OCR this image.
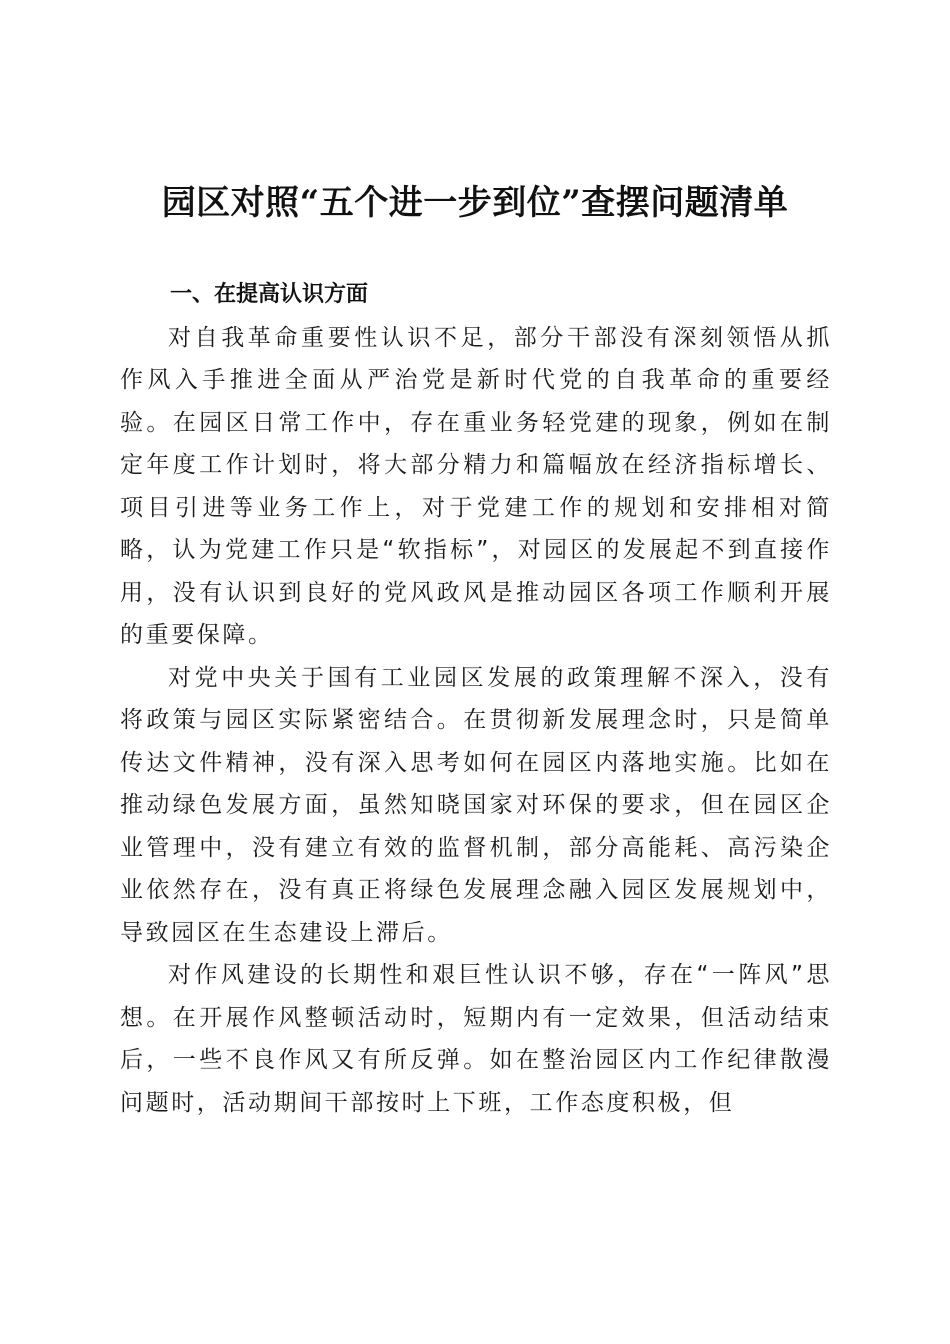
园区对照“五个进一步到位”查摆问题清单

一、在提高认识方面

对自我革命重要性认识不足，部分干部没有深刻领悟从抓作风入手推进全面从严治党是新时代党的自我革命的重要经验。在园区日常工作中，存在重业务轻党建的现象，例如在制定年度工作计划时，将大部分精力和篇幅放在经济指标增长、项目引进等业务工作上，对于党建工作的规划和安排相对简略，认为党建工作只是“软指标”，对园区的发展起不到直接作用，没有认识到良好的党风政风是推动园区各项工作顺利开展的重要保障。

对党中央关于国有工业园区发展的政策理解不深入，没有将政策与园区实际紧密结合。在贯彻新发展理念时，只是简单传达文件精神，没有深入思考如何在园区内落地实施。比如在推动绿色发展方面，虽然知晓国家对环保的要求，但在园区企业管理中，没有建立有效的监督机制，部分高能耗、高污染企业依然存在，没有真正将绿色发展理念融入园区发展规划中，导致园区在生态建设上滞后。

对作风建设的长期性和艰巨性认识不够，存在“一阵风”思想。在开展作风整顿活动时，短期内有一定效果，但活动结束后，一些不良作风又有所反弹。如在整治园区内工作纪律散漫问题时，活动期间干部按时上下班，工作态度积极，但
